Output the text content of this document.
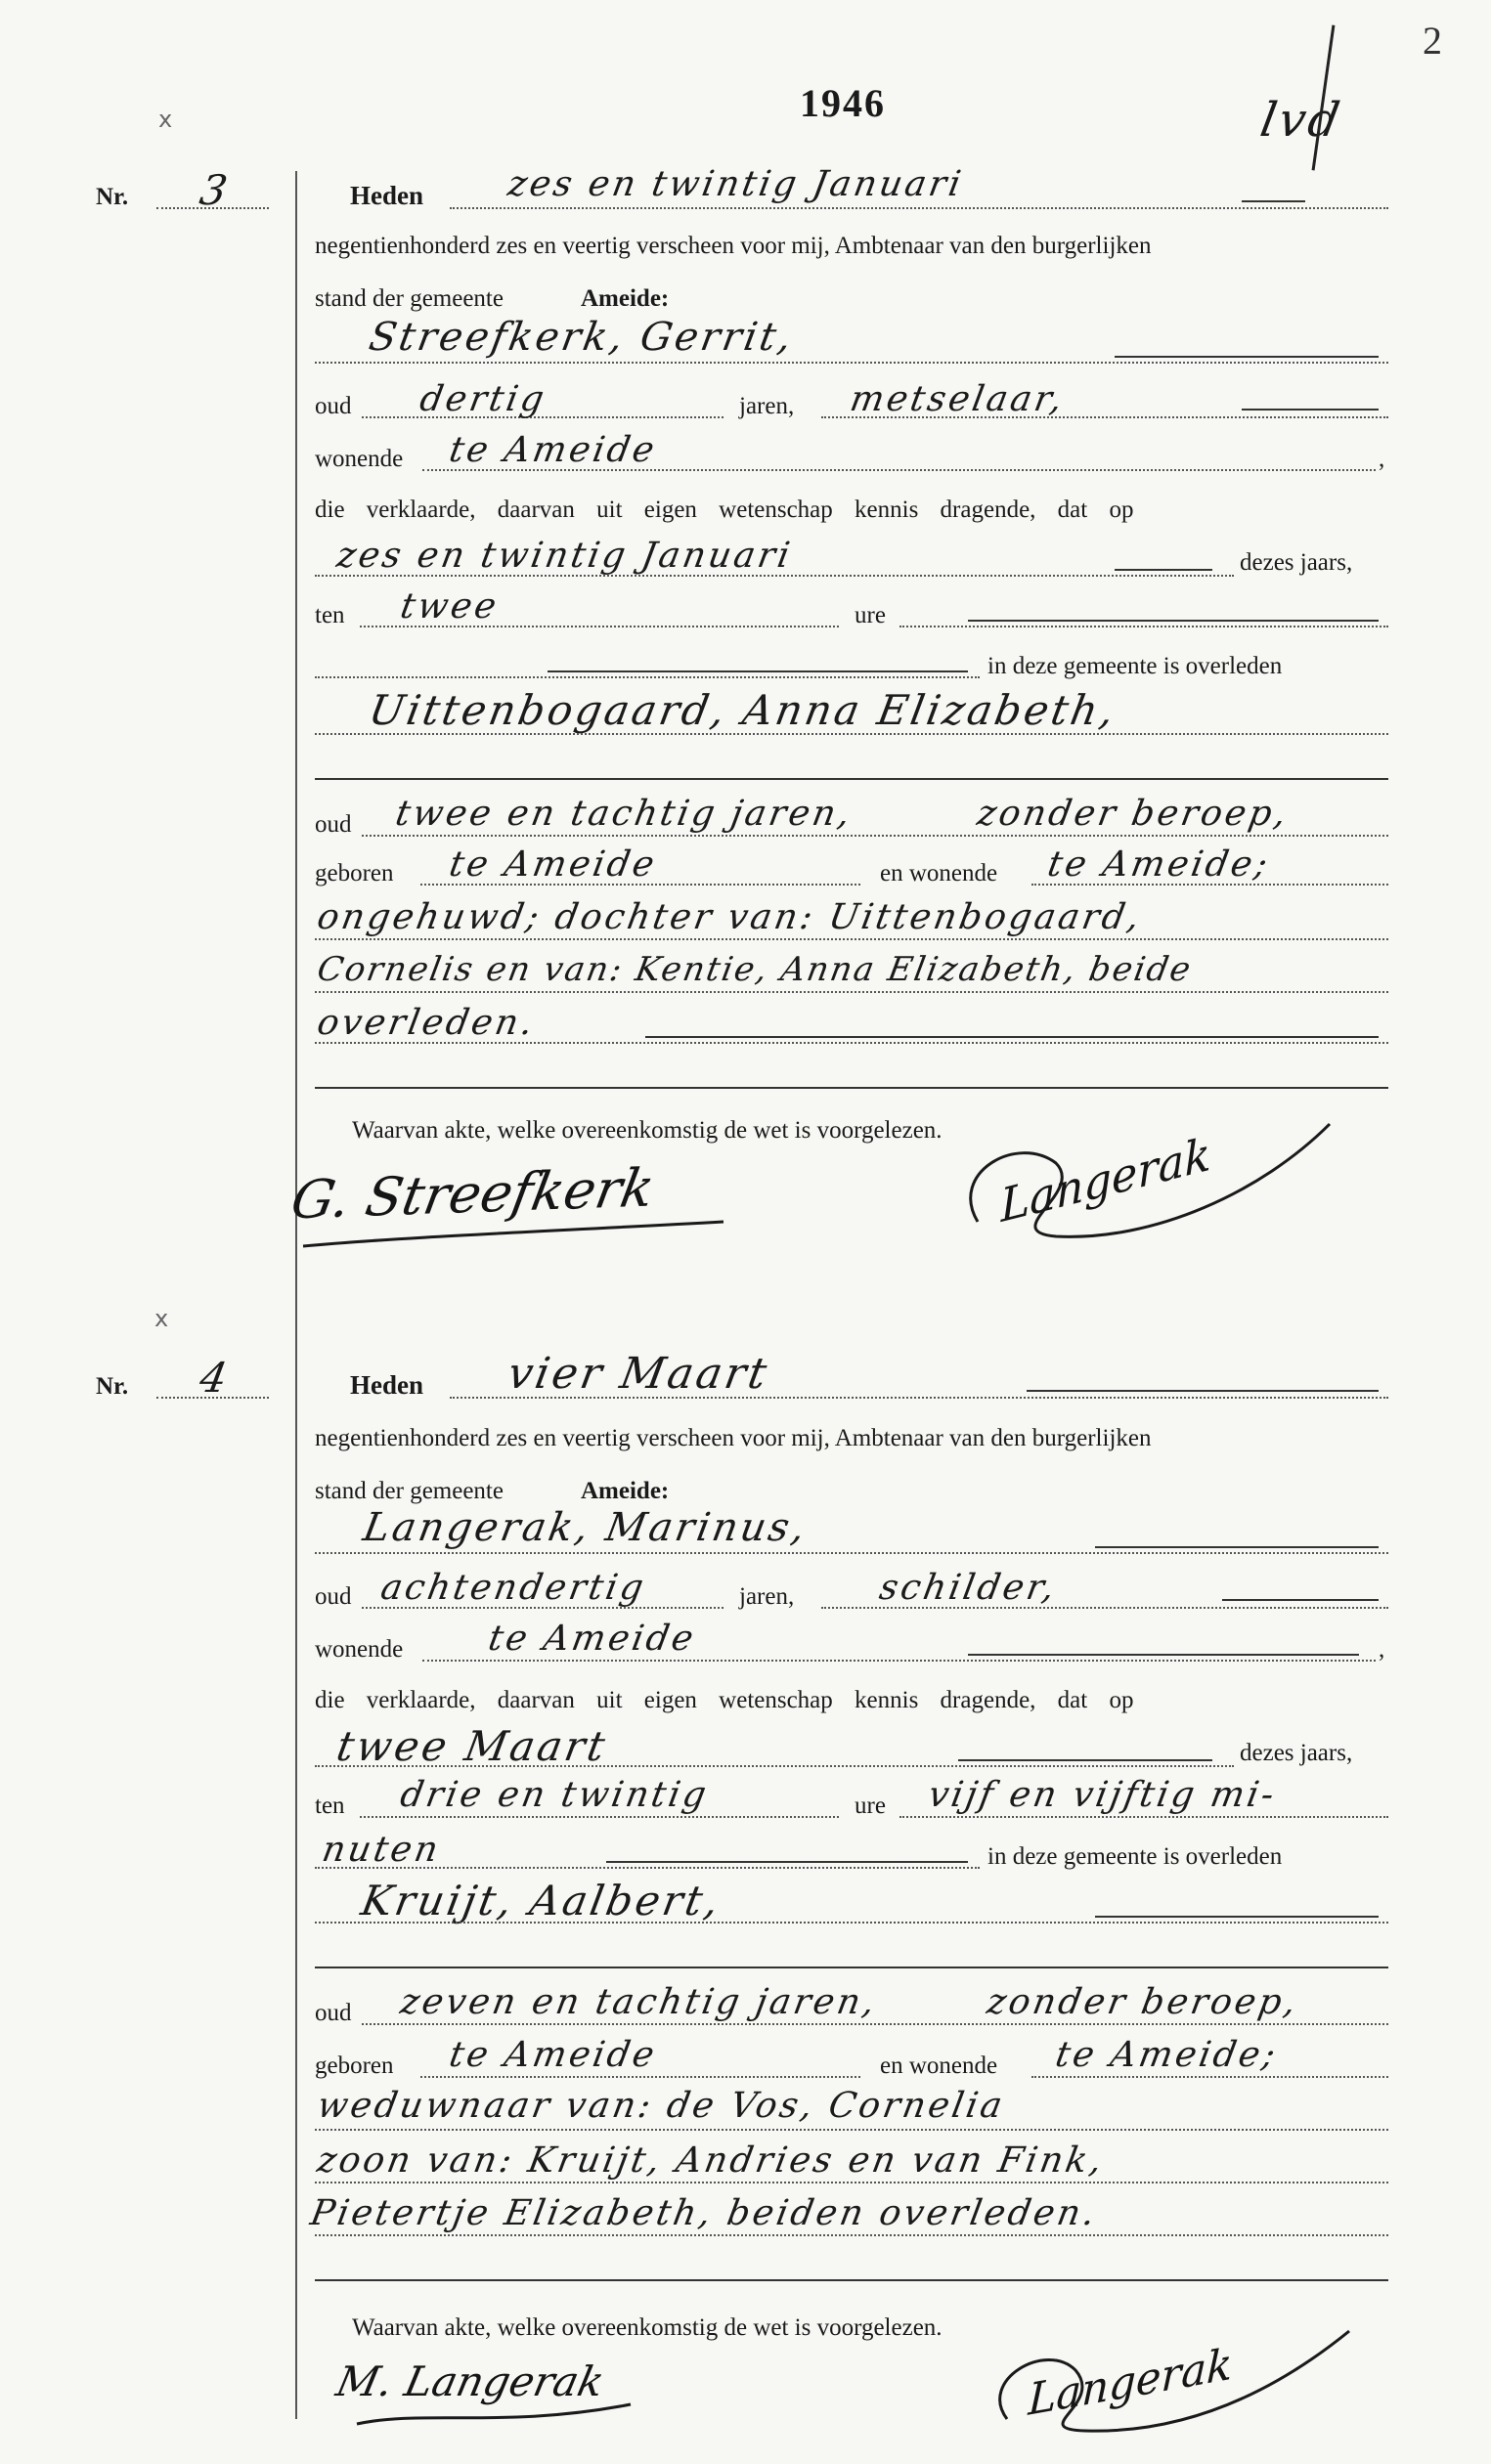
2
1946	lvd
x
Nr. 3	Heden zes en twintig Januari
negentienhonderd zes en veertig verscheen voor mij, Ambtenaar van den burgerlijken
stand der gemeente	Ameide:
Streefkerk, Gerrit,
oud dertig	jaren, metselaar,
wonende te Ameide	,
die verklaarde, daarvan uit eigen wetenschap kennis dragende, dat op
zes en twintig Januari	dezes jaars,
ten twee	ure
in deze gemeente is overleden
Uittenbogaard, Anna Elizabeth,
oud twee en tachtig jaren,	zonder beroep,
geboren te Ameide	en wonende te Ameide;
ongehuwd; dochter van: Uittenbogaard,
Cornelis en van: Kentie, Anna Elizabeth, beide
overleden.
Waarvan akte, welke overeenkomstig de wet is voorgelezen.
G. Streefkerk	Langerak
x
Nr. 4	Heden vier Maart
negentienhonderd zes en veertig verscheen voor mij, Ambtenaar van den burgerlijken
stand der gemeente	Ameide:
Langerak, Marinus,
oud achtendertig	jaren, schilder,
wonende te Ameide	,
die verklaarde, daarvan uit eigen wetenschap kennis dragende, dat op
twee Maart	dezes jaars,
ten drie en twintig	ure vijf en vijftig mi-
nuten	in deze gemeente is overleden
Kruijt, Aalbert,
oud zeven en tachtig jaren,	zonder beroep,
geboren te Ameide	en wonende te Ameide;
weduwnaar van: de Vos, Cornelia
zoon van: Kruijt, Andries en van Fink,
Pietertje Elizabeth, beiden overleden.
Waarvan akte, welke overeenkomstig de wet is voorgelezen.
M. Langerak	Langerak
